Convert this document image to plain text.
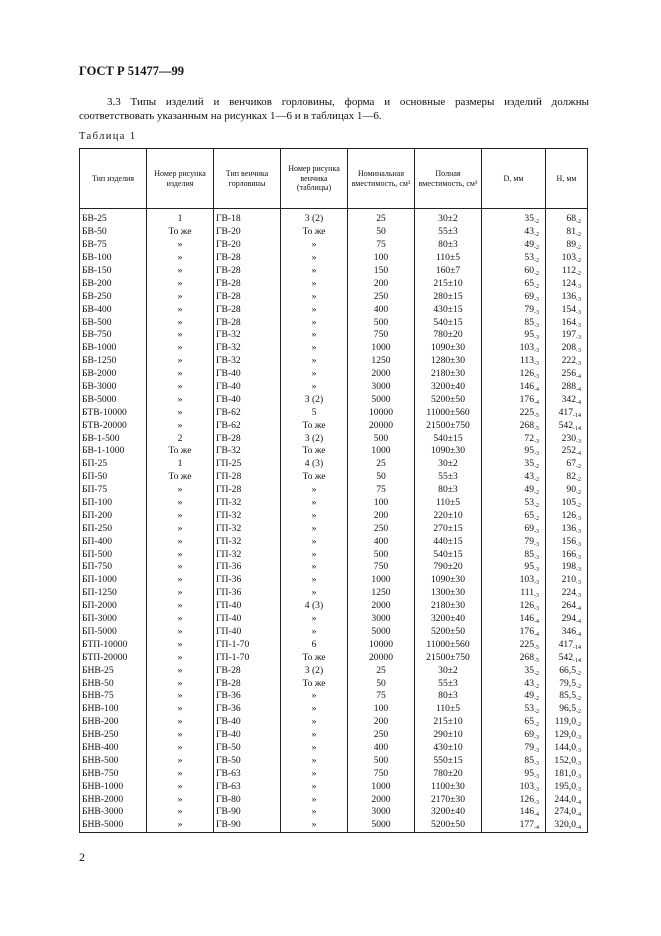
ГОСТ Р 51477—99
3.3 Типы изделий и венчиков горловины, форма и основные размеры изделий должны соответствовать указанным на рисунках 1—6 и в таблицах 1—6.
Таблица 1
Тип изделия	Номер рисунка изделия	Тип венчика горловины	Номер рисунка венчика (таблицы)	Номинальная вместимость, см³	Полная вместимость, см³	D, мм	H, мм
БВ-25	1	ГВ-18	3 (2)	25	30±2	$35_{-2}$	$68_{-2}$
БВ-50	То же	ГВ-20	То же	50	55±3	$43_{-2}$	$81_{-2}$
БВ-75	»	ГВ-20	»	75	80±3	$49_{-2}$	$89_{-2}$
БВ-100	»	ГВ-28	»	100	110±5	$53_{-2}$	$103_{-2}$
БВ-150	»	ГВ-28	»	150	160±7	$60_{-2}$	$112_{-2}$
БВ-200	»	ГВ-28	»	200	215±10	$65_{-2}$	$124_{-3}$
БВ-250	»	ГВ-28	»	250	280±15	$69_{-3}$	$136_{-3}$
БВ-400	»	ГВ-28	»	400	430±15	$79_{-3}$	$154_{-3}$
БВ-500	»	ГВ-28	»	500	540±15	$85_{-3}$	$164_{-3}$
БВ-750	»	ГВ-32	»	750	780±20	$95_{-3}$	$197_{-3}$
БВ-1000	»	ГВ-32	»	1000	1090±30	$103_{-3}$	$208_{-3}$
БВ-1250	»	ГВ-32	»	1250	1280±30	$113_{-3}$	$222_{-3}$
БВ-2000	»	ГВ-40	»	2000	2180±30	$126_{-3}$	$256_{-4}$
БВ-3000	»	ГВ-40	»	3000	3200±40	$146_{-4}$	$288_{-4}$
БВ-5000	»	ГВ-40	3 (2)	5000	5200±50	$176_{-4}$	$342_{-4}$
БТВ-10000	»	ГВ-62	5	10000	11000±560	$225_{-5}$	$417_{-14}$
БТВ-20000	»	ГВ-62	То же	20000	21500±750	$268_{-5}$	$542_{-14}$
БВ-1-500	2	ГВ-28	3 (2)	500	540±15	$72_{-3}$	$230_{-3}$
БВ-1-1000	То же	ГВ-32	То же	1000	1090±30	$95_{-3}$	$252_{-4}$
БП-25	1	ГП-25	4 (3)	25	30±2	$35_{-2}$	$67_{-2}$
БП-50	То же	ГП-28	То же	50	55±3	$43_{-2}$	$82_{-2}$
БП-75	»	ГП-28	»	75	80±3	$49_{-2}$	$90_{-2}$
БП-100	»	ГП-32	»	100	110±5	$53_{-2}$	$105_{-2}$
БП-200	»	ГП-32	»	200	220±10	$65_{-2}$	$126_{-3}$
БП-250	»	ГП-32	»	250	270±15	$69_{-3}$	$136_{-3}$
БП-400	»	ГП-32	»	400	440±15	$79_{-3}$	$156_{-3}$
БП-500	»	ГП-32	»	500	540±15	$85_{-3}$	$166_{-3}$
БП-750	»	ГП-36	»	750	790±20	$95_{-3}$	$198_{-3}$
БП-1000	»	ГП-36	»	1000	1090±30	$103_{-3}$	$210_{-3}$
БП-1250	»	ГП-36	»	1250	1300±30	$111_{-3}$	$224_{-3}$
БП-2000	»	ГП-40	4 (3)	2000	2180±30	$126_{-3}$	$264_{-4}$
БП-3000	»	ГП-40	»	3000	3200±40	$146_{-4}$	$294_{-4}$
БП-5000	»	ГП-40	»	5000	5200±50	$176_{-4}$	$346_{-4}$
БТП-10000	»	ГП-1-70	6	10000	11000±560	$225_{-5}$	$417_{-14}$
БТП-20000	»	ГП-1-70	То же	20000	21500±750	$268_{-5}$	$542_{-14}$
БНВ-25	»	ГВ-28	3 (2)	25	30±2	$35_{-2}$	$66,5_{-2}$
БНВ-50	»	ГВ-28	То же	50	55±3	$43_{-2}$	$79,5_{-2}$
БНВ-75	»	ГВ-36	»	75	80±3	$49_{-2}$	$85,5_{-2}$
БНВ-100	»	ГВ-36	»	100	110±5	$53_{-2}$	$96,5_{-2}$
БНВ-200	»	ГВ-40	»	200	215±10	$65_{-2}$	$119,0_{-2}$
БНВ-250	»	ГВ-40	»	250	290±10	$69_{-3}$	$129,0_{-3}$
БНВ-400	»	ГВ-50	»	400	430±10	$79_{-3}$	$144,0_{-3}$
БНВ-500	»	ГВ-50	»	500	550±15	$85_{-3}$	$152,0_{-3}$
БНВ-750	»	ГВ-63	»	750	780±20	$95_{-3}$	$181,0_{-3}$
БНВ-1000	»	ГВ-63	»	1000	1100±30	$103_{-3}$	$195,0_{-3}$
БНВ-2000	»	ГВ-80	»	2000	2170±30	$126_{-3}$	$244,0_{-4}$
БНВ-3000	»	ГВ-90	»	3000	3200±40	$146_{-4}$	$274,0_{-4}$
БНВ-5000	»	ГВ-90	»	5000	5200±50	$177_{-4}$	$320,0_{-4}$
2
